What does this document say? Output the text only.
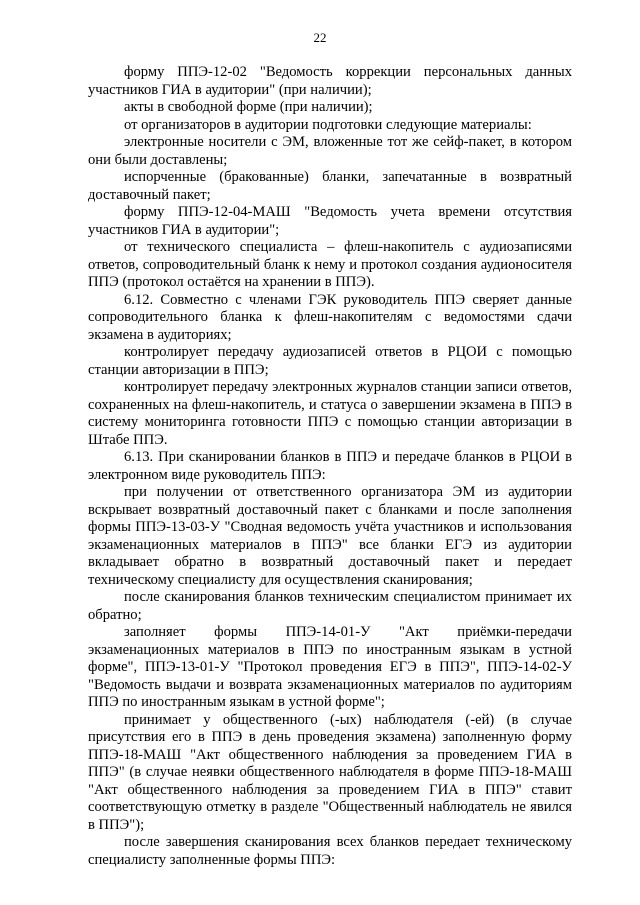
22

форму ППЭ-12-02 "Ведомость коррекции персональных данных участников ГИА в аудитории" (при наличии);

акты в свободной форме (при наличии);

от организаторов в аудитории подготовки следующие материалы:

электронные носители с ЭМ, вложенные тот же сейф-пакет, в котором они были доставлены;

испорченные (бракованные) бланки, запечатанные в возвратный доставочный пакет;

форму ППЭ-12-04-МАШ "Ведомость учета времени отсутствия участников ГИА в аудитории";

от технического специалиста – флеш-накопитель с аудиозаписями ответов, сопроводительный бланк к нему и протокол создания аудионосителя ППЭ (протокол остаётся на хранении в ППЭ).

6.12. Совместно с членами ГЭК руководитель ППЭ сверяет данные сопроводительного бланка к флеш-накопителям с ведомостями сдачи экзамена в аудиториях;

контролирует передачу аудиозаписей ответов в РЦОИ с помощью станции авторизации в ППЭ;

контролирует передачу электронных журналов станции записи ответов, сохраненных на флеш-накопитель, и статуса о завершении экзамена в ППЭ в систему мониторинга готовности ППЭ с помощью станции авторизации в Штабе ППЭ.

6.13. При сканировании бланков в ППЭ и передаче бланков в РЦОИ в электронном виде руководитель ППЭ:

при получении от ответственного организатора ЭМ из аудитории вскрывает возвратный доставочный пакет с бланками и после заполнения формы ППЭ-13-03-У "Сводная ведомость учёта участников и использования экзаменационных материалов в ППЭ" все бланки ЕГЭ из аудитории вкладывает обратно в возвратный доставочный пакет и передает техническому специалисту для осуществления сканирования;

после сканирования бланков техническим специалистом принимает их обратно;

заполняет формы ППЭ-14-01-У "Акт приёмки-передачи экзаменационных материалов в ППЭ по иностранным языкам в устной форме", ППЭ-13-01-У "Протокол проведения ЕГЭ в ППЭ", ППЭ-14-02-У "Ведомость выдачи и возврата экзаменационных материалов по аудиториям ППЭ по иностранным языкам в устной форме";

принимает у общественного (-ых) наблюдателя (-ей) (в случае присутствия его в ППЭ в день проведения экзамена) заполненную форму ППЭ-18-МАШ "Акт общественного наблюдения за проведением ГИА в ППЭ" (в случае неявки общественного наблюдателя в форме ППЭ-18-МАШ "Акт общественного наблюдения за проведением ГИА в ППЭ" ставит соответствующую отметку в разделе "Общественный наблюдатель не явился в ППЭ");

после завершения сканирования всех бланков передает техническому специалисту заполненные формы ППЭ:
